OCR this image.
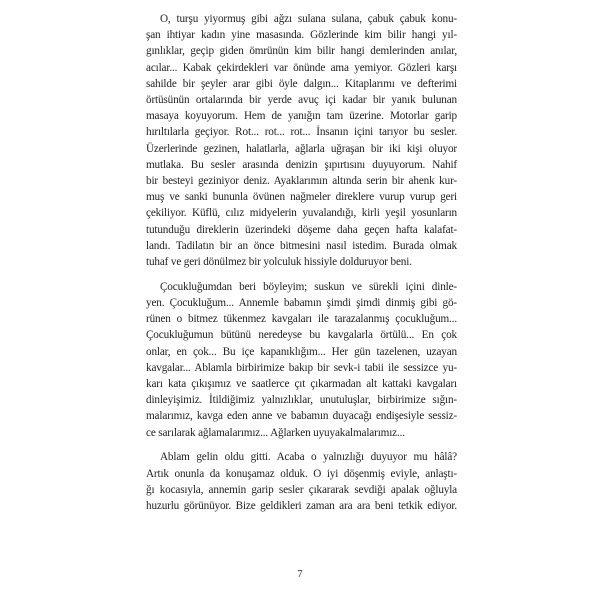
O, turşu yiyormuş gibi ağzı sulana sulana, çabuk çabuk konu-
şan ihtiyar kadın yine masasında. Gözlerinde kim bilir hangi yıl-
gınlıklar, geçip giden ömrünün kim bilir hangi demlerinden anılar,
acılar... Kabak çekirdekleri var önünde ama yemiyor. Gözleri karşı
sahilde bir şeyler arar gibi öyle dalgın... Kitaplarımı ve defterimi
örtüsünün ortalarında bir yerde avuç içi kadar bir yanık bulunan
masaya koyuyorum. Hem de yanığın tam üzerine. Motorlar garip
hırıltılarla geçiyor. Rot... rot... rot... İnsanın içini tarıyor bu sesler.
Üzerlerinde gezinen, halatlarla, ağlarla uğraşan bir iki kişi oluyor
mutlaka. Bu sesler arasında denizin şıpırtısını duyuyorum. Nahif
bir besteyi geziniyor deniz. Ayaklarımın altında serin bir ahenk kur-
muş ve sanki bununla övünen nağmeler direklere vurup vurup geri
çekiliyor. Küflü, cılız midyelerin yuvalandığı, kirli yeşil yosunların
tutunduğu direklerin üzerindeki döşeme daha geçen hafta kalafat-
landı. Tadilatın bir an önce bitmesini nasıl istedim. Burada olmak
tuhaf ve geri dönülmez bir yolculuk hissiyle dolduruyor beni.

Çocukluğumdan beri böyleyim; suskun ve sürekli içini dinle-
yen. Çocukluğum... Annemle babamın şimdi şimdi dinmiş gibi gö-
rünen o bitmez tükenmez kavgaları ile tarazalanmış çocukluğum...
Çocukluğumun bütünü neredeyse bu kavgalarla örtülü... En çok
onlar, en çok... Bu içe kapanıklığım... Her gün tazelenen, uzayan
kavgalar... Ablamla birbirimize bakıp bir sevk-i tabii ile sessizce yu-
karı kata çıkışımız ve saatlerce çıt çıkarmadan alt kattaki kavgaları
dinleyişimiz. İtildiğimiz yalnızlıklar, unutuluşlar, birbirimize sığın-
malarımız, kavga eden anne ve babamın duyacağı endişesiyle sessiz-
ce sarılarak ağlamalarımız... Ağlarken uyuyakalmalarımız...

Ablam gelin oldu gitti. Acaba o yalnızlığı duyuyor mu hâlâ?
Artık onunla da konuşamaz olduk. O iyi döşenmiş eviyle, anlaştı-
ğı kocasıyla, annemin garip sesler çıkararak sevdiği apalak oğluyla
huzurlu görünüyor. Bize geldikleri zaman ara ara beni tetkik ediyor.

7
